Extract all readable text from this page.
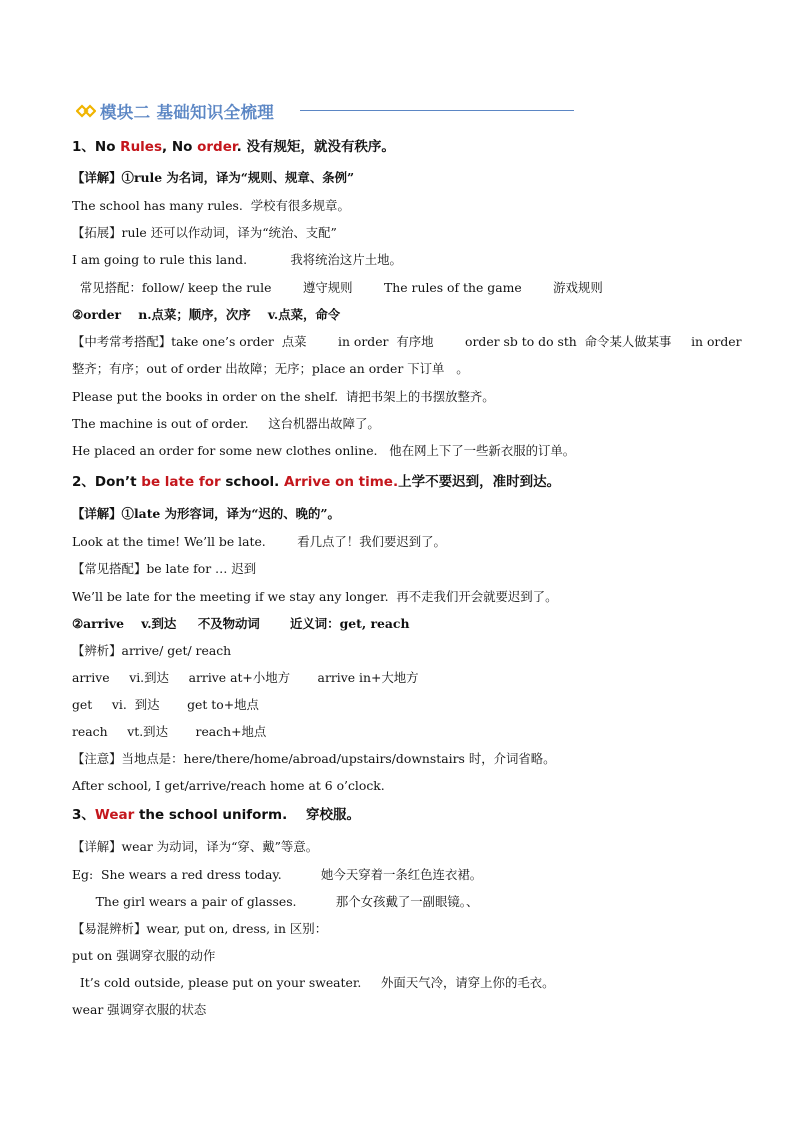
模块二 基础知识全梳理
1、No Rules, No order. 没有规矩，就没有秩序。
【详解】①rule 为名词，译为“规则、规章、条例”
The school has many rules.  学校有很多规章。
【拓展】rule 还可以作动词，译为“统治、支配”
I am going to rule this land.           我将统治这片土地。
常见搭配：follow/ keep the rule        遵守规则        The rules of the game        游戏规则
②order    n.点菜；顺序，次序    v.点菜，命令
【中考常考搭配】take one’s order  点菜        in order  有序地        order sb to do sth  命令某人做某事     in order
整齐；有序；out of order 出故障；无序；place an order 下订单   。
Please put the books in order on the shelf.  请把书架上的书摆放整齐。
The machine is out of order.     这台机器出故障了。
He placed an order for some new clothes online.   他在网上下了一些新衣服的订单。
2、Don’t be late for school. Arrive on time.上学不要迟到，准时到达。
【详解】①late 为形容词，译为“迟的、晚的”。
Look at the time! We’ll be late.        看几点了！我们要迟到了。
【常见搭配】be late for … 迟到
We’ll be late for the meeting if we stay any longer.  再不走我们开会就要迟到了。
②arrive    v.到达     不及物动词       近义词：get, reach
【辨析】arrive/ get/ reach
arrive     vi.到达     arrive at+小地方       arrive in+大地方
get     vi.  到达       get to+地点
reach     vt.到达       reach+地点
【注意】当地点是：here/there/home/abroad/upstairs/downstairs 时，介词省略。
After school, I get/arrive/reach home at 6 o’clock.
3、Wear the school uniform.    穿校服。
【详解】wear 为动词，译为“穿、戴”等意。
Eg:  She wears a red dress today.          她今天穿着一条红色连衣裙。
The girl wears a pair of glasses.          那个女孩戴了一副眼镜。、
【易混辨析】wear, put on, dress, in 区别：
put on 强调穿衣服的动作
It’s cold outside, please put on your sweater.     外面天气冷，请穿上你的毛衣。
wear 强调穿衣服的状态
